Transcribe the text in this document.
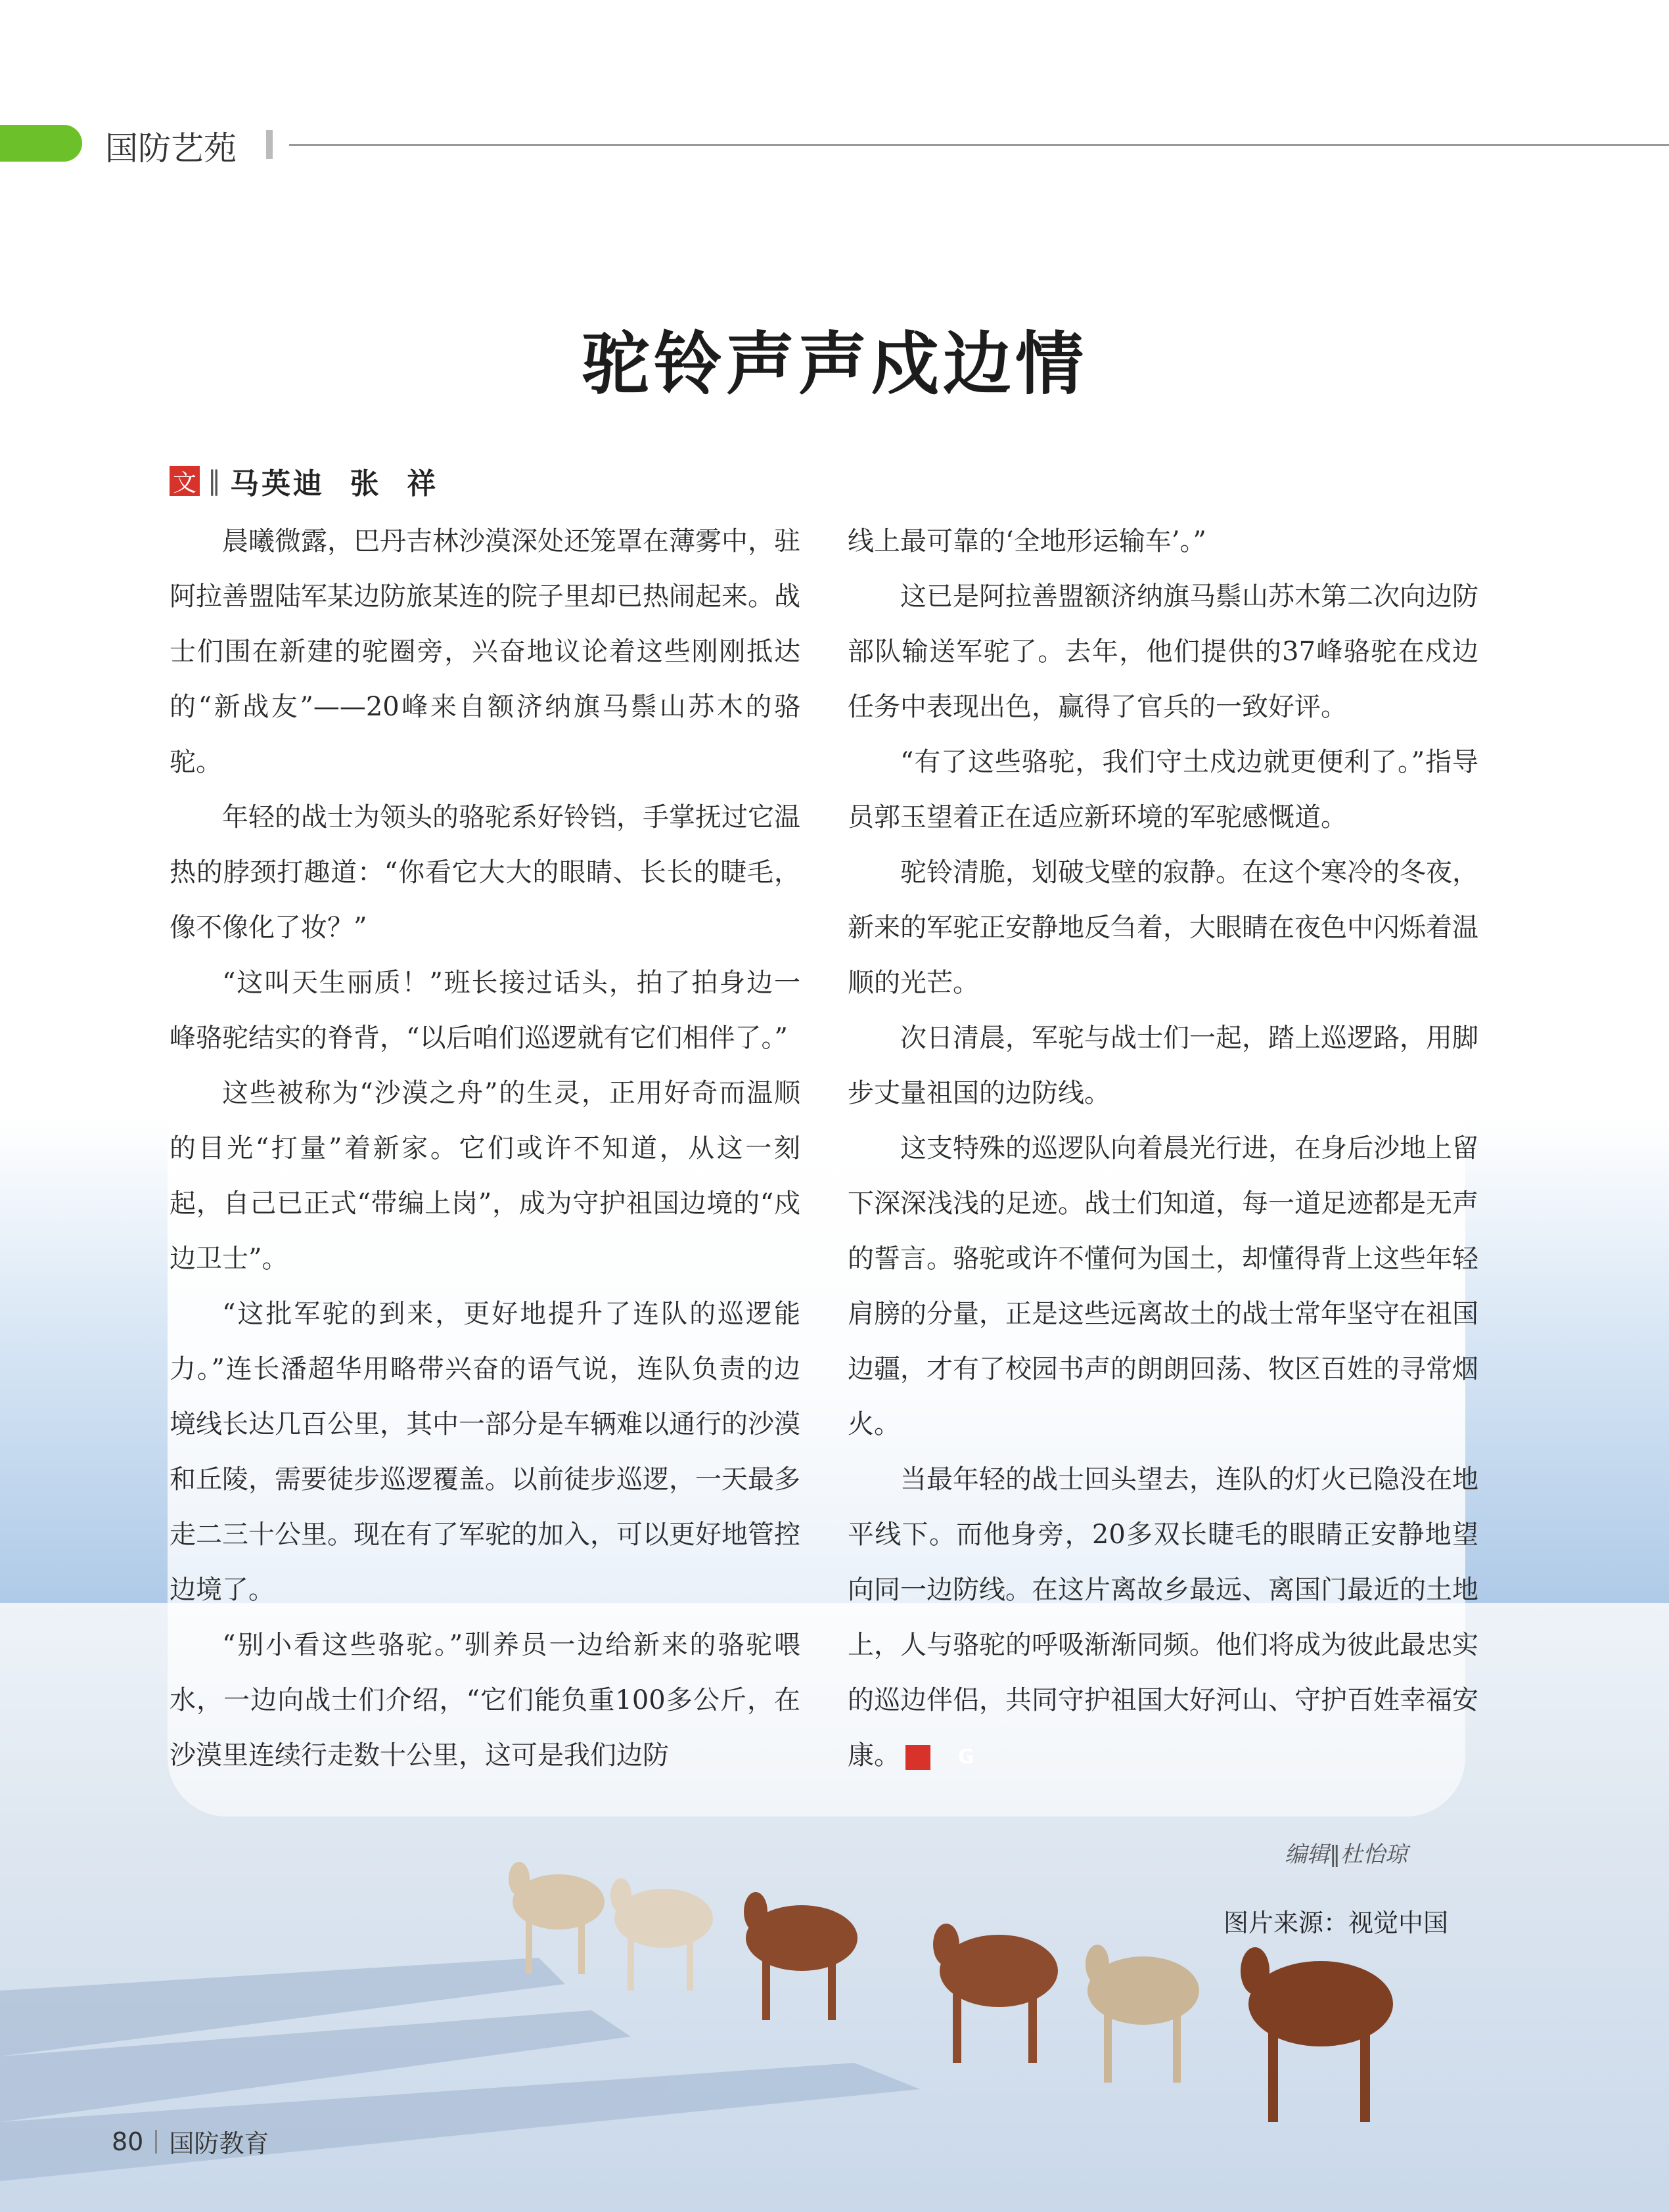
国防艺苑
驼铃声声戍边情
文 ‖ 马英迪  张  祥

晨曦微露，巴丹吉林沙漠深处还笼罩在薄雾中，驻阿拉善盟陆军某边防旅某连的院子里却已热闹起来。战士们围在新建的驼圈旁，兴奋地议论着这些刚刚抵达的“新战友”——20峰来自额济纳旗马鬃山苏木的骆驼。

年轻的战士为领头的骆驼系好铃铛，手掌抚过它温热的脖颈打趣道：“你看它大大的眼睛、长长的睫毛，像不像化了妆？”

“这叫天生丽质！”班长接过话头，拍了拍身边一峰骆驼结实的脊背，“以后咱们巡逻就有它们相伴了。”

这些被称为“沙漠之舟”的生灵，正用好奇而温顺的目光“打量”着新家。它们或许不知道，从这一刻起，自己已正式“带编上岗”，成为守护祖国边境的“戍边卫士”。

“这批军驼的到来，更好地提升了连队的巡逻能力。”连长潘超华用略带兴奋的语气说，连队负责的边境线长达几百公里，其中一部分是车辆难以通行的沙漠和丘陵，需要徒步巡逻覆盖。以前徒步巡逻，一天最多走二三十公里。现在有了军驼的加入，可以更好地管控边境了。

“别小看这些骆驼。”驯养员一边给新来的骆驼喂水，一边向战士们介绍，“它们能负重100多公斤，在沙漠里连续行走数十公里，这可是我们边防

线上最可靠的‘全地形运输车’。”

这已是阿拉善盟额济纳旗马鬃山苏木第二次向边防部队输送军驼了。去年，他们提供的37峰骆驼在戍边任务中表现出色，赢得了官兵的一致好评。

“有了这些骆驼，我们守土戍边就更便利了。”指导员郭玉望着正在适应新环境的军驼感慨道。

驼铃清脆，划破戈壁的寂静。在这个寒冷的冬夜，新来的军驼正安静地反刍着，大眼睛在夜色中闪烁着温顺的光芒。

次日清晨，军驼与战士们一起，踏上巡逻路，用脚步丈量祖国的边防线。

这支特殊的巡逻队向着晨光行进，在身后沙地上留下深深浅浅的足迹。战士们知道，每一道足迹都是无声的誓言。骆驼或许不懂何为国土，却懂得背上这些年轻肩膀的分量，正是这些远离故土的战士常年坚守在祖国边疆，才有了校园书声的朗朗回荡、牧区百姓的寻常烟火。

当最年轻的战士回头望去，连队的灯火已隐没在地平线下。而他身旁，20多双长睫毛的眼睛正安静地望向同一边防线。在这片离故乡最远、离国门最近的土地上，人与骆驼的呼吸渐渐同频。他们将成为彼此最忠实的巡边伴侣，共同守护祖国大好河山、守护百姓幸福安康。	G

编辑‖杜怡琼
图片来源：视觉中国
80 国防教育
